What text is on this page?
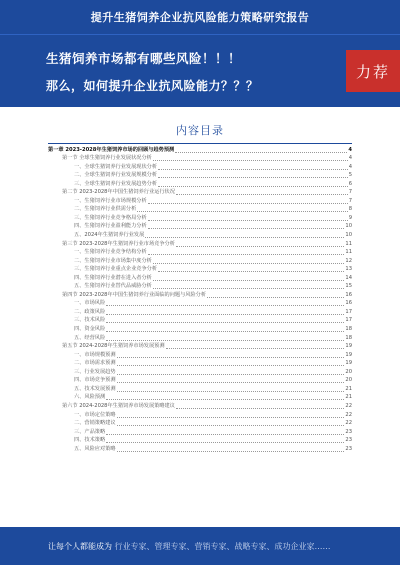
提升生猪饲养企业抗风险能力策略研究报告
生猪饲养市场都有哪些风险！！！
那么，如何提升企业抗风险能力？？？
力荐
内容目录
第一章 2023-2028年生猪饲养市场的回顾与趋势预测	4
第一节 全球生猪饲养行业发展状况分析	4
一、全球生猪饲养行业发展现状分析	4
二、全球生猪饲养行业发展规模分析	5
三、全球生猪饲养行业发展趋势分析	6
第二节 2023-2028年中国生猪饲养行业运行状况	7
一、生猪饲养行业市场规模分析	7
二、生猪饲养行业供需分析	8
三、生猪饲养行业竞争格局分析	9
四、生猪饲养行业盈利能力分析	10
五、2024年生猪饲养行业发展	10
第三节 2023-2028年生猪饲养行业市场竞争分析	11
一、生猪饲养行业竞争结构分析	11
二、生猪饲养行业市场集中度分析	12
三、生猪饲养行业重点企业竞争分析	13
四、生猪饲养行业潜在进入者分析	14
五、生猪饲养行业替代品威胁分析	15
第四节 2023-2028年中国生猪饲养行业面临的问题与风险分析	16
一、市场风险	16
二、政策风险	17
三、技术风险	17
四、资金风险	18
五、经营风险	18
第五节 2024-2028年生猪饲养市场发展预测	19
一、市场规模预测	19
二、市场需求预测	19
三、行业发展趋势	20
四、市场竞争预测	20
五、技术发展预测	21
六、风险预测	21
第六节 2024-2028年生猪饲养市场发展策略建议	22
一、市场定位策略	22
二、营销策略建议	22
三、产品策略	23
四、技术策略	23
五、风险应对策略	23
让每个人都能成为 行业专家、管理专家、营销专家、战略专家、成功企业家……
